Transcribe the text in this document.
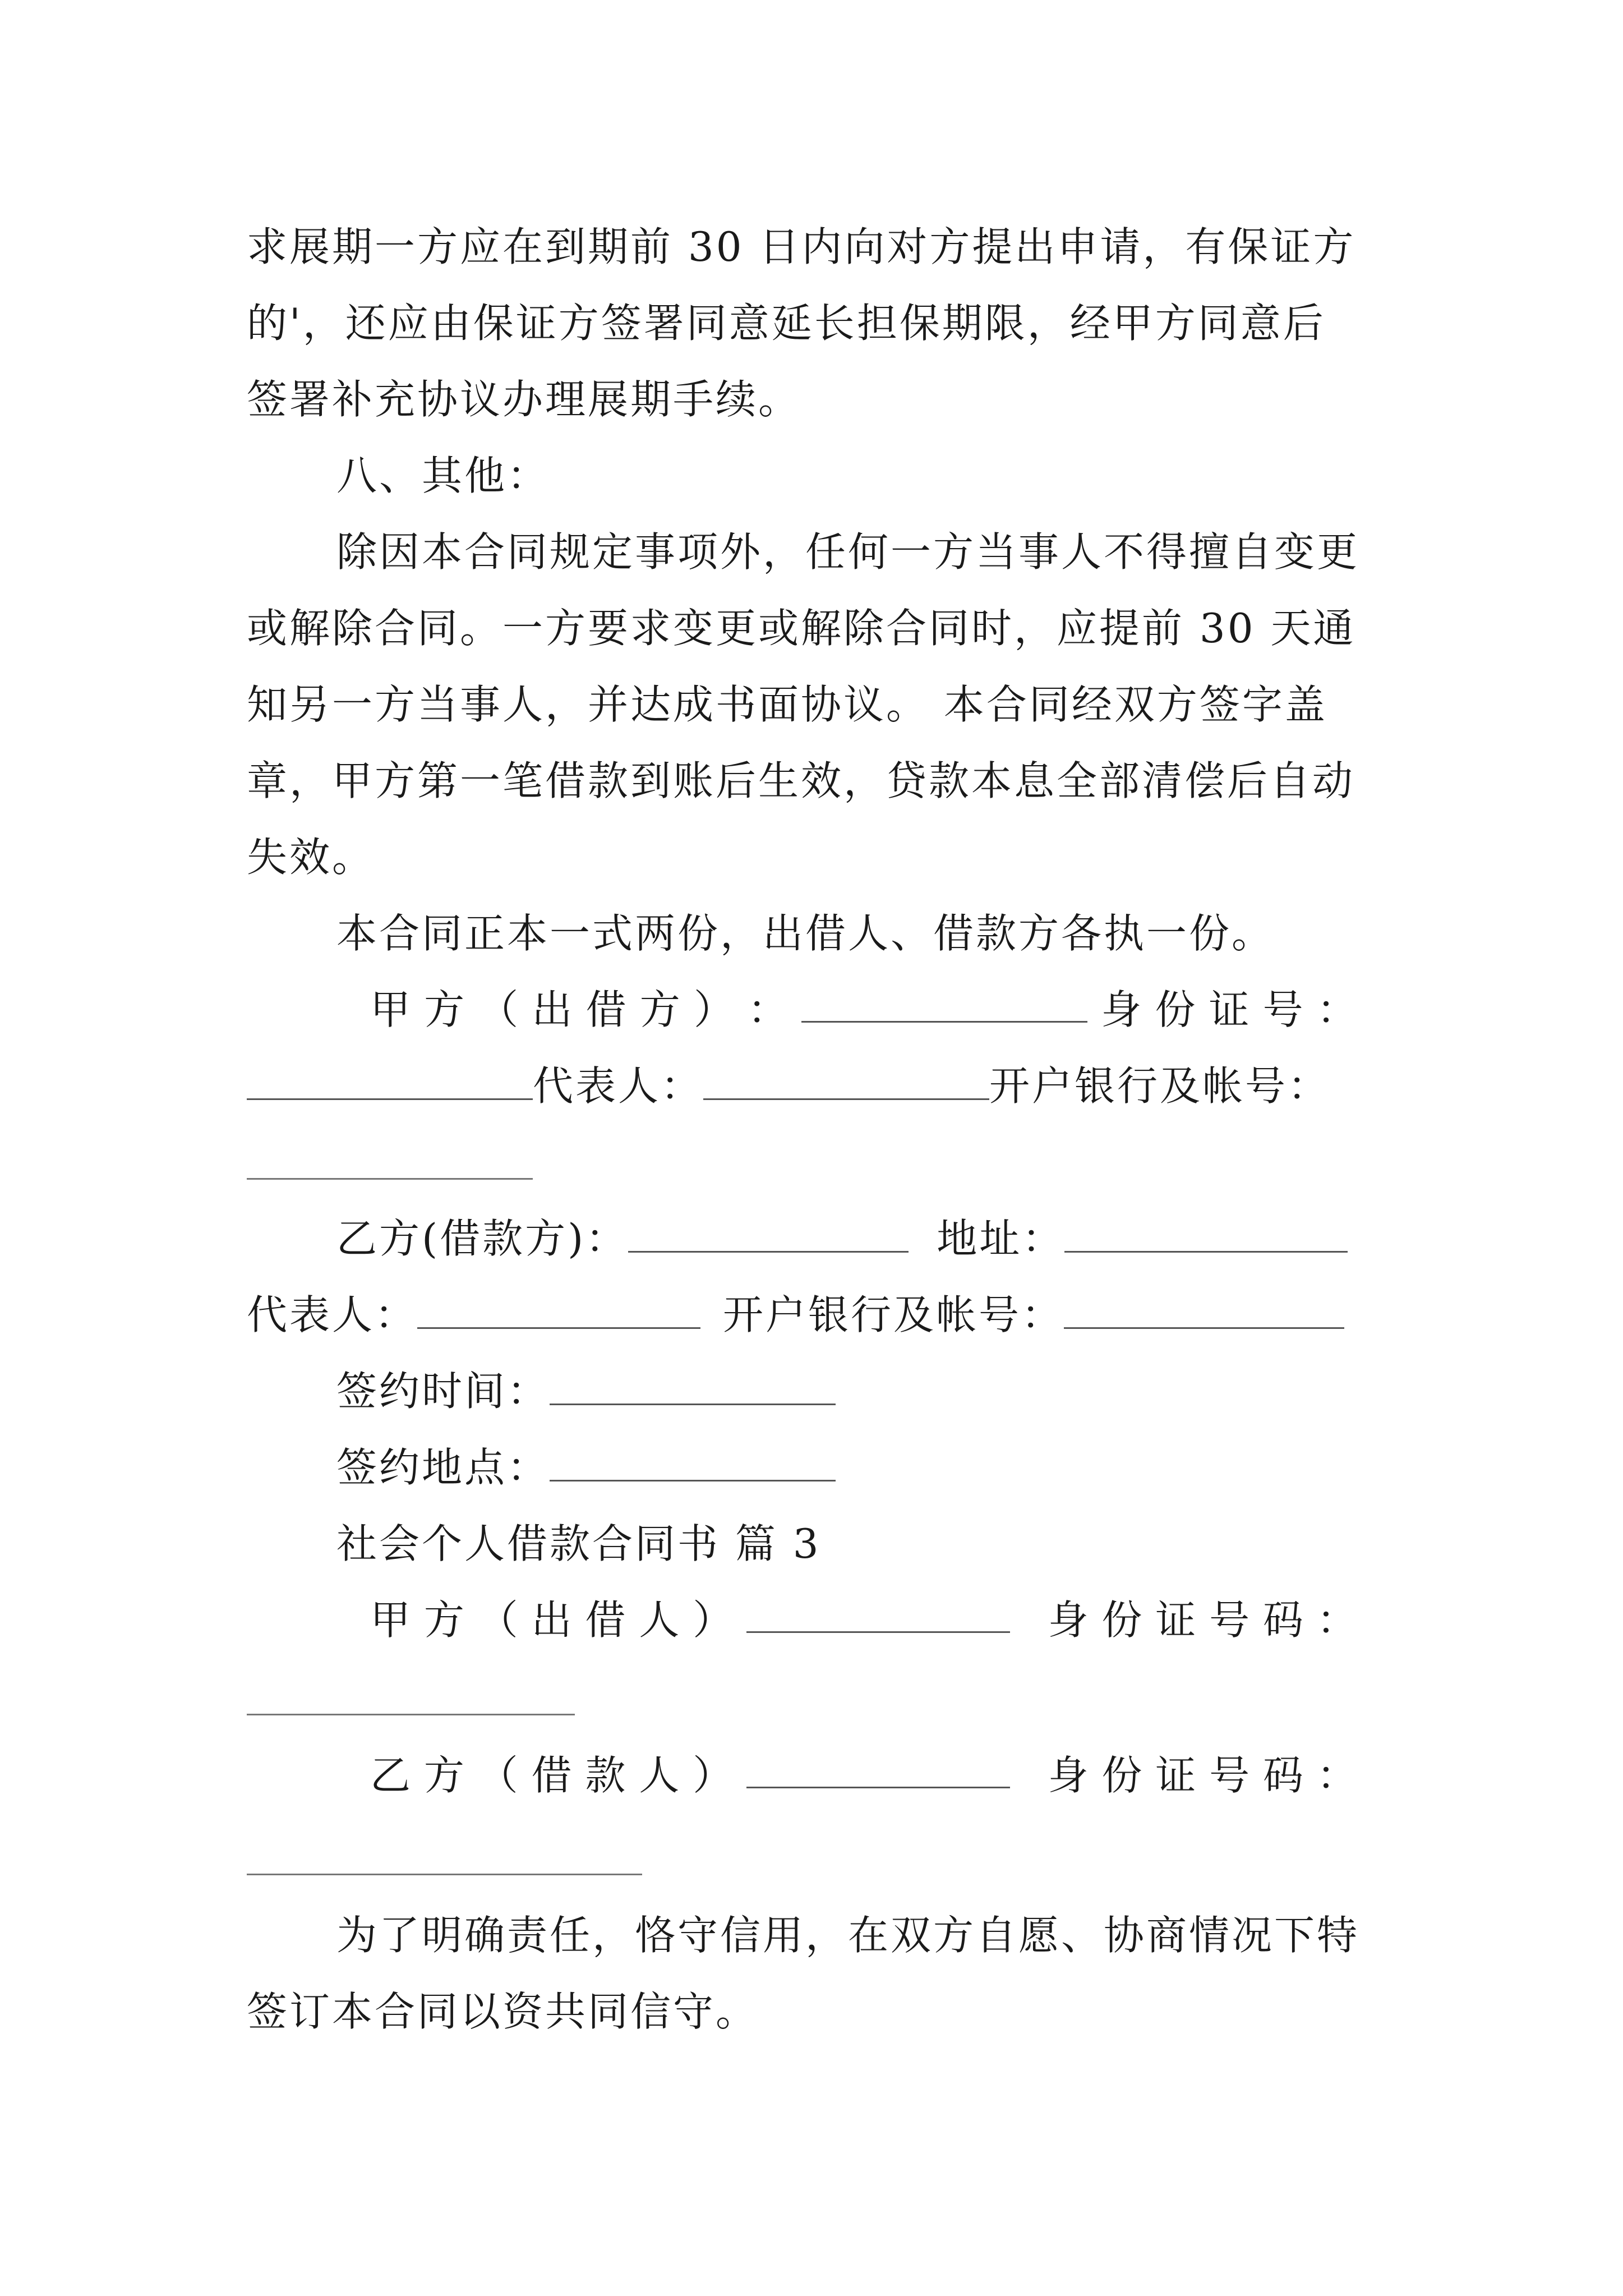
求展期一方应在到期前 30 日内向对方提出申请，有保证方
的'，还应由保证方签署同意延长担保期限，经甲方同意后
签署补充协议办理展期手续。
八、其他：
除因本合同规定事项外，任何一方当事人不得擅自变更
或解除合同。一方要求变更或解除合同时，应提前 30 天通
知另一方当事人，并达成书面协议。 本合同经双方签字盖
章，甲方第一笔借款到账后生效，贷款本息全部清偿后自动
失效。
本合同正本一式两份，出借人、借款方各执一份。
甲 方 （ 出 借 方 ） ：	身 份 证 号 ：
代表人：	开户银行及帐号：
乙方(借款方)：	地址：
代表人：	开户银行及帐号：
签约时间：
签约地点：
社会个人借款合同书 篇 3
甲 方 （ 出 借 人 ）	身 份 证 号 码 ：
乙 方 （ 借 款 人 ）	身 份 证 号 码 ：
为了明确责任，恪守信用，在双方自愿、协商情况下特
签订本合同以资共同信守。
